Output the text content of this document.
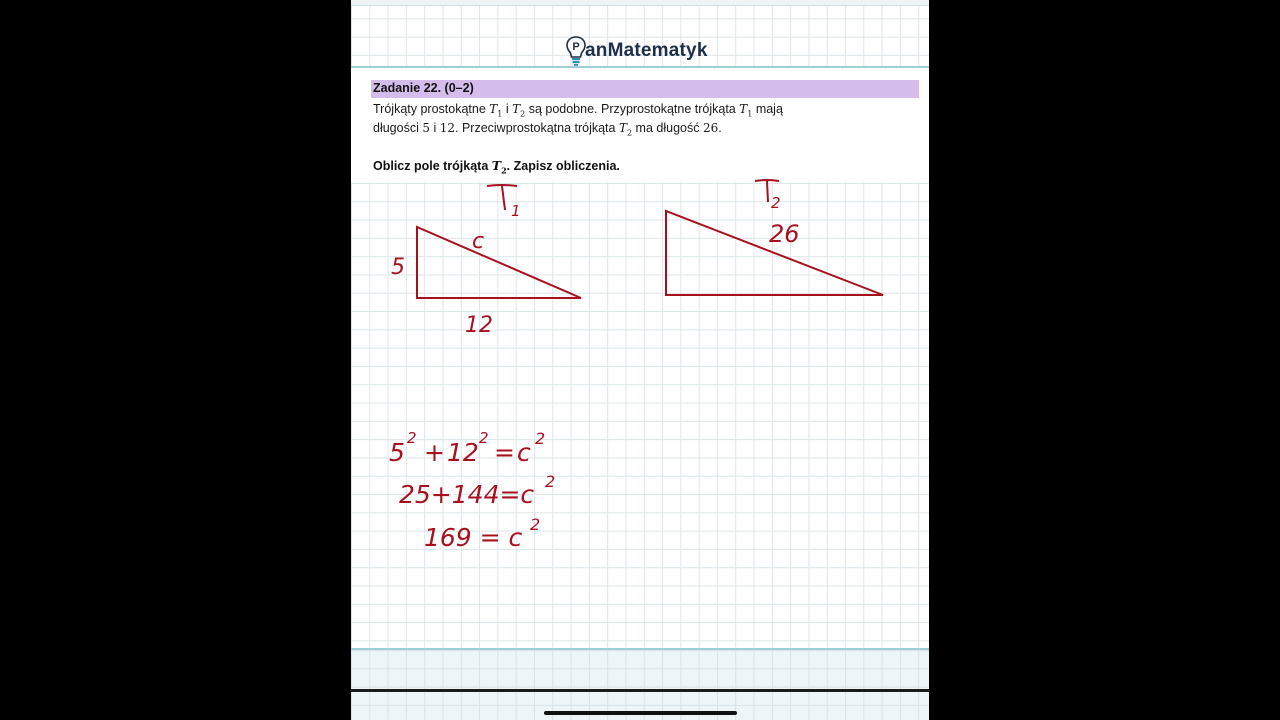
P anMatematyk
Zadanie 22. (0–2)
Trójkąty prostokątne $T_1$ i $T_2$ są podobne. Przyprostokątne trójkąta $T_1$ mają
długości 5 i 12. Przeciwprostokątna trójkąta $T_2$ ma długość 26.
Oblicz pole trójkąta $T_2$. Zapisz obliczenia.
1	2
5
c
12
26
5 2 + 12 2 = c 2
25+144=c 2
169 = c 2
